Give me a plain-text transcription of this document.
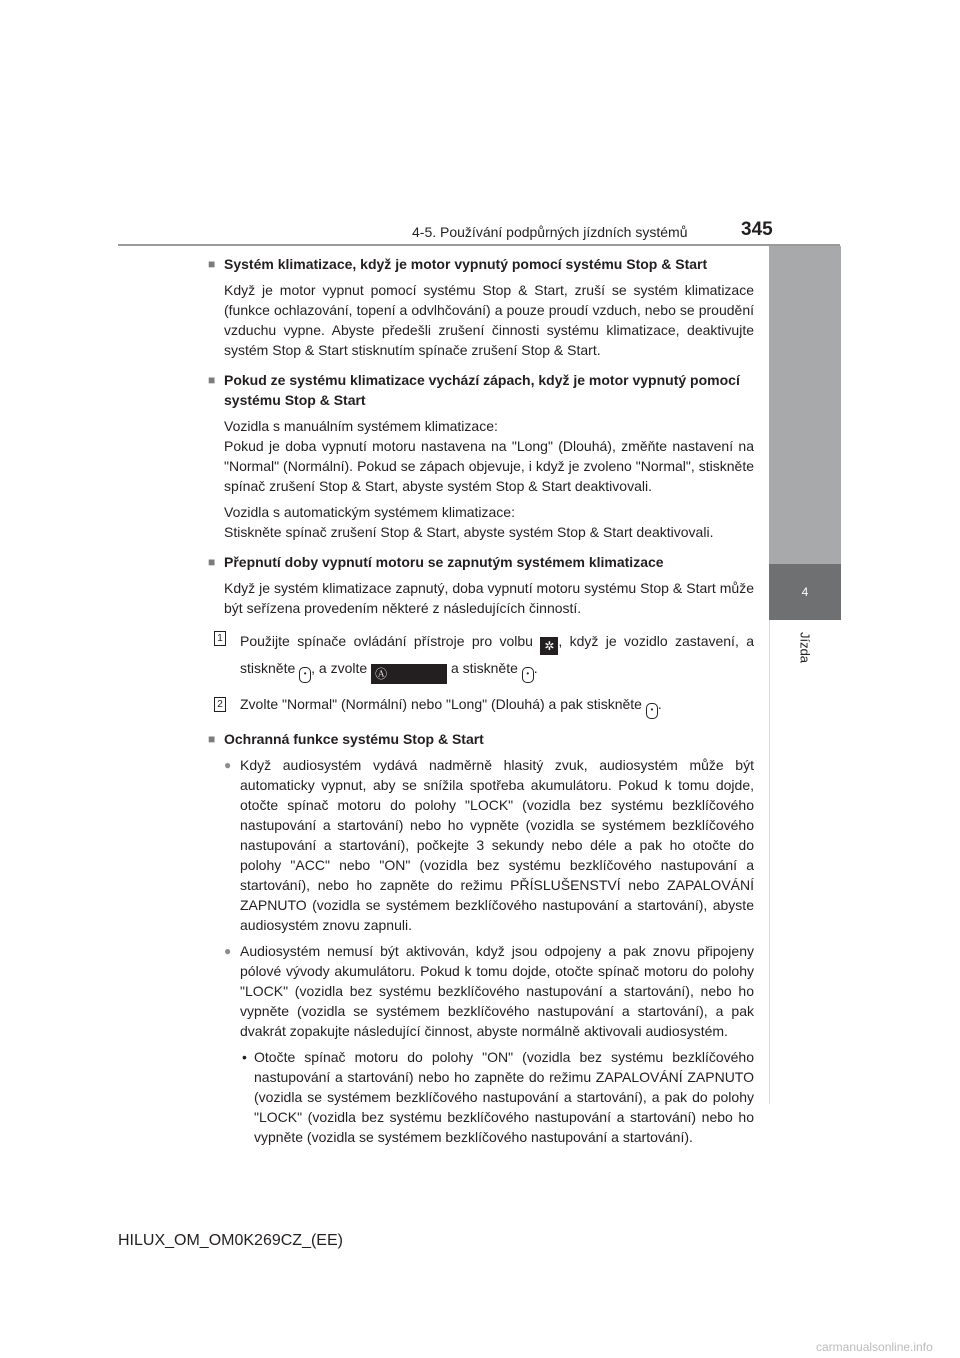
4-5. Používání podpůrných jízdních systémů	345
4
Jízda

■ Systém klimatizace, když je motor vypnutý pomocí systému Stop & Start

Když je motor vypnut pomocí systému Stop & Start, zruší se systém klimatizace (funkce ochlazování, topení a odvlhčování) a pouze proudí vzduch, nebo se proudění vzduchu vypne. Abyste předešli zrušení činnosti systému klimatizace, deaktivujte systém Stop & Start stisknutím spínače zrušení Stop & Start.

■ Pokud ze systému klimatizace vychází zápach, když je motor vypnutý pomocí systému Stop & Start

Vozidla s manuálním systémem klimatizace:

Pokud je doba vypnutí motoru nastavena na "Long" (Dlouhá), změňte nastavení na "Normal" (Normální). Pokud se zápach objevuje, i když je zvoleno "Normal", stiskněte spínač zrušení Stop & Start, abyste systém Stop & Start deaktivovali.

Vozidla s automatickým systémem klimatizace:

Stiskněte spínač zrušení Stop & Start, abyste systém Stop & Start deaktivovali.

■ Přepnutí doby vypnutí motoru se zapnutým systémem klimatizace

Když je systém klimatizace zapnutý, doba vypnutí motoru systému Stop & Start může být seřízena provedením některé z následujících činností.

1 Použijte spínače ovládání přístroje pro volbu ✲ , když je vozidlo zastavení, a stiskněte • , a zvolte Ⓐ	a stiskněte • .

2 Zvolte "Normal" (Normální) nebo "Long" (Dlouhá) a pak stiskněte • .

■ Ochranná funkce systému Stop & Start

● Když audiosystém vydává nadměrně hlasitý zvuk, audiosystém může být automaticky vypnut, aby se snížila spotřeba akumulátoru. Pokud k tomu dojde, otočte spínač motoru do polohy "LOCK" (vozidla bez systému bezklíčového nastupování a startování) nebo ho vypněte (vozidla se systémem bezklíčového nastupování a startování), počkejte 3 sekundy nebo déle a pak ho otočte do polohy "ACC" nebo "ON" (vozidla bez systému bezklíčového nastupování a startování), nebo ho zapněte do režimu PŘÍSLUŠENSTVÍ nebo ZAPALOVÁNÍ ZAPNUTO (vozidla se systémem bezklíčového nastupování a startování), abyste audiosystém znovu zapnuli.

● Audiosystém nemusí být aktivován, když jsou odpojeny a pak znovu připojeny pólové vývody akumulátoru. Pokud k tomu dojde, otočte spínač motoru do polohy "LOCK" (vozidla bez systému bezklíčového nastupování a startování), nebo ho vypněte (vozidla se systémem bezklíčového nastupování a startování), a pak dvakrát zopakujte následující činnost, abyste normálně aktivovali audiosystém.

• Otočte spínač motoru do polohy "ON" (vozidla bez systému bezklíčového nastupování a startování) nebo ho zapněte do režimu ZAPALOVÁNÍ ZAPNUTO (vozidla se systémem bezklíčového nastupování a startování), a pak do polohy "LOCK" (vozidla bez systému bezklíčového nastupování a startování) nebo ho vypněte (vozidla se systémem bezklíčového nastupování a startování).

HILUX_OM_OM0K269CZ_(EE)
carmanualsonline.info
